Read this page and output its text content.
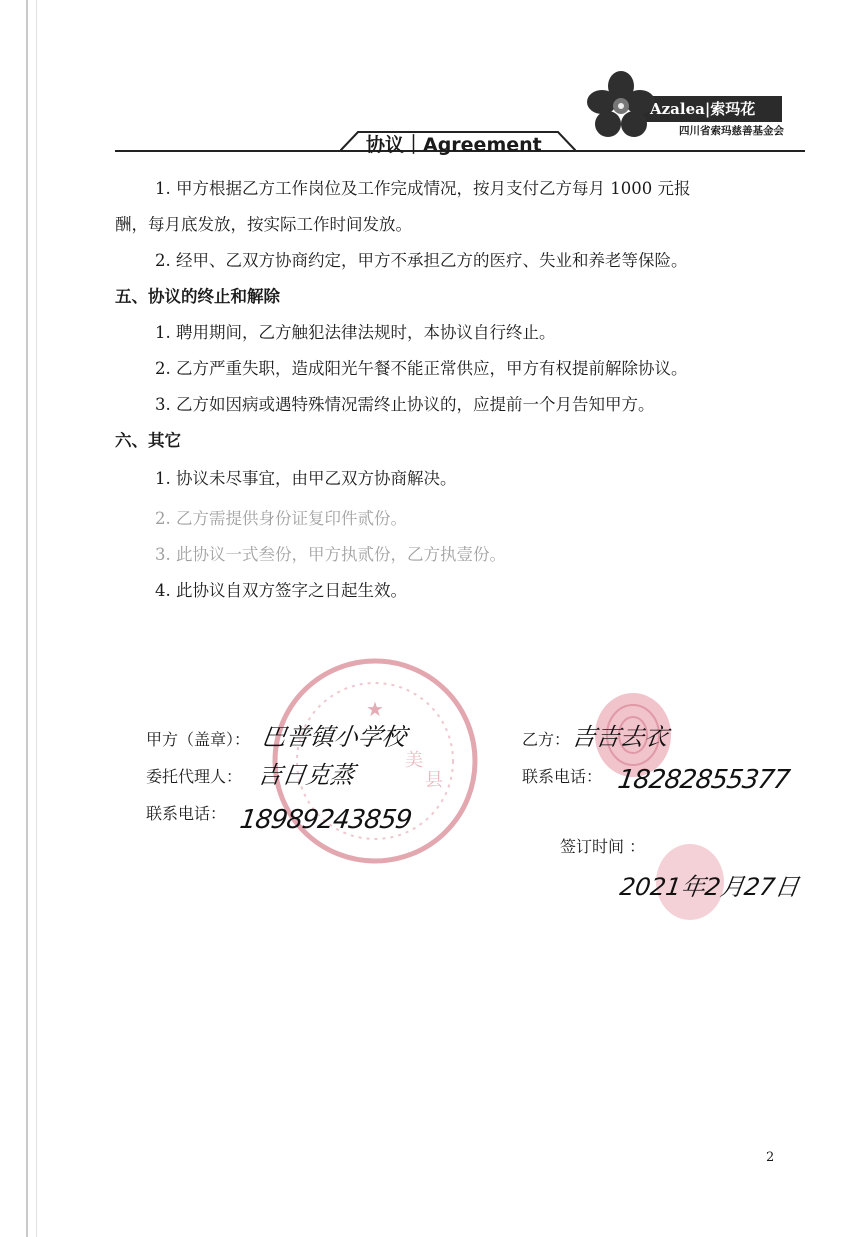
Azalea|索玛花
四川省索玛慈善基金会
协议｜Agreement
1. 甲方根据乙方工作岗位及工作完成情况，按月支付乙方每月 1000 元报
酬，每月底发放，按实际工作时间发放。
2. 经甲、乙双方协商约定，甲方不承担乙方的医疗、失业和养老等保险。
五、协议的终止和解除
1. 聘用期间，乙方触犯法律法规时，本协议自行终止。
2. 乙方严重失职，造成阳光午餐不能正常供应，甲方有权提前解除协议。
3. 乙方如因病或遇特殊情况需终止协议的，应提前一个月告知甲方。
六、其它
1. 协议未尽事宜，由甲乙双方协商解决。
2. 乙方需提供身份证复印件贰份。
3. 此协议一式叁份，甲方执贰份，乙方执壹份。
4. 此协议自双方签字之日起生效。
★
美
县
甲方（盖章）： 巴普镇小学校
委托代理人： 吉日克蒸
联系电话： 18989243859
乙方： 吉吉去衣
联系电话： 18282855377
签订时间 ：
2021年2月27日
2
